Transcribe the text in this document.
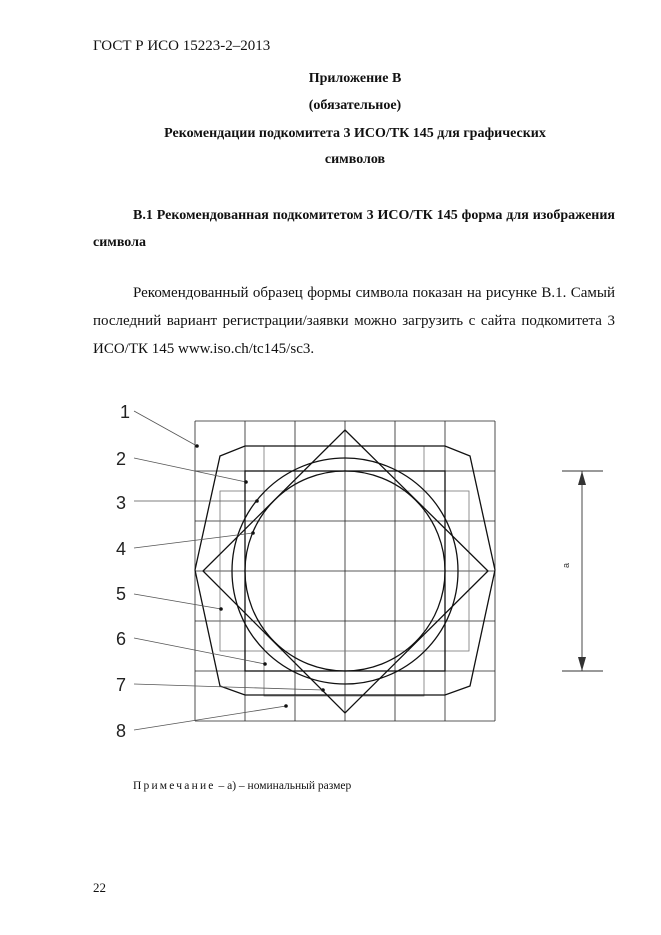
ГОСТ Р ИСО 15223-2–2013
Приложение В
(обязательное)
Рекомендации подкомитета 3 ИСО/ТК 145 для графических
символов
В.1 Рекомендованная подкомитетом 3 ИСО/ТК 145 форма для изображения символа
Рекомендованный образец формы символа показан на рисунке В.1. Самый последний вариант регистрации/заявки можно загрузить с сайта подкомитета 3 ИСО/ТК 145 www.iso.ch/tc145/sc3.
1
2
3
4
5
6
7
8
a
Примечание – а) – номинальный размер
22
